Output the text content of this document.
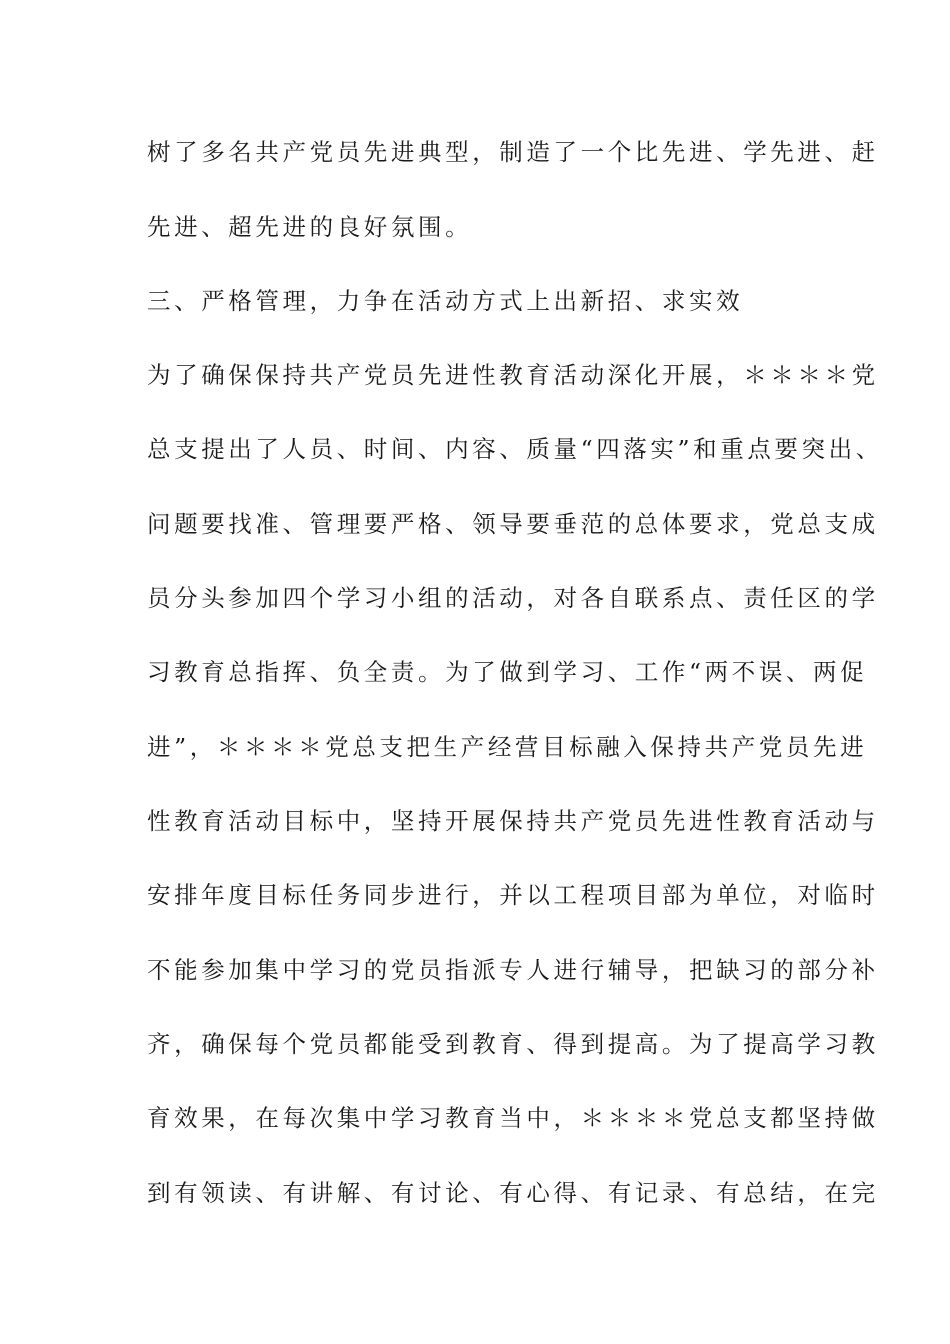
树了多名共产党员先进典型，制造了一个比先进、学先进、赶
先进、超先进的良好氛围。
三、严格管理，力争在活动方式上出新招、求实效
为了确保保持共产党员先进性教育活动深化开展，＊＊＊＊党
总支提出了人员、时间、内容、质量“四落实”和重点要突出、
问题要找准、管理要严格、领导要垂范的总体要求，党总支成
员分头参加四个学习小组的活动，对各自联系点、责任区的学
习教育总指挥、负全责。为了做到学习、工作“两不误、两促
进”，＊＊＊＊党总支把生产经营目标融入保持共产党员先进
性教育活动目标中，坚持开展保持共产党员先进性教育活动与
安排年度目标任务同步进行，并以工程项目部为单位，对临时
不能参加集中学习的党员指派专人进行辅导，把缺习的部分补
齐，确保每个党员都能受到教育、得到提高。为了提高学习教
育效果，在每次集中学习教育当中，＊＊＊＊党总支都坚持做
到有领读、有讲解、有讨论、有心得、有记录、有总结，在完
